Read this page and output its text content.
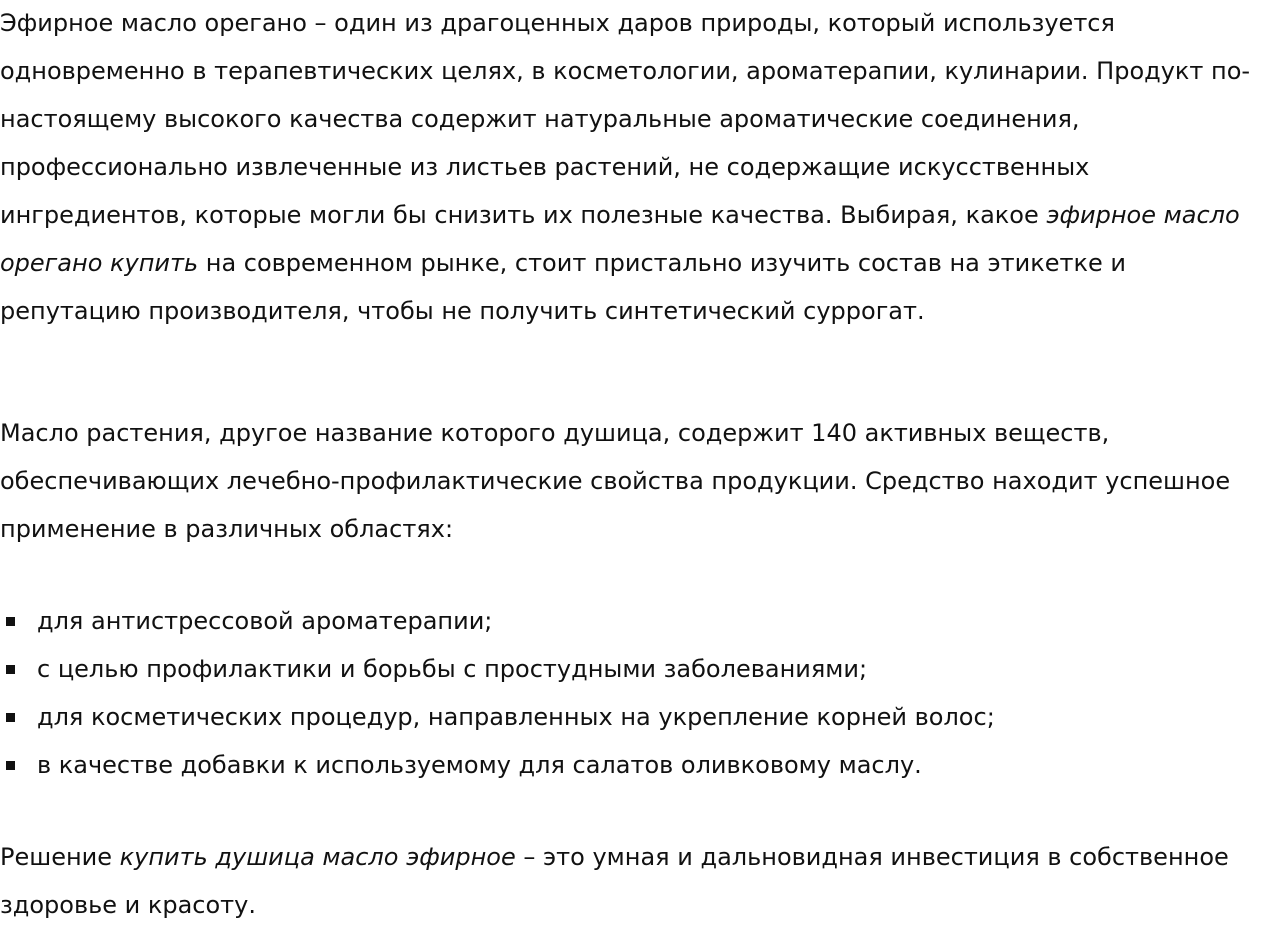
Эфирное масло орегано – один из драгоценных даров природы, который используется одновременно в терапевтических целях, в косметологии, ароматерапии, кулинарии. Продукт по-настоящему высокого качества содержит натуральные ароматические соединения, профессионально извлеченные из листьев растений, не содержащие искусственных ингредиентов, которые могли бы снизить их полезные качества. Выбирая, какое эфирное масло орегано купить на современном рынке, стоит пристально изучить состав на этикетке и репутацию производителя, чтобы не получить синтетический суррогат.

Масло растения, другое название которого душица, содержит 140 активных веществ, обеспечивающих лечебно-профилактические свойства продукции. Средство находит успешное применение в различных областях:

для антистрессовой ароматерапии;
с целью профилактики и борьбы с простудными заболеваниями;
для косметических процедур, направленных на укрепление корней волос;
в качестве добавки к используемому для салатов оливковому маслу.

Решение купить душица масло эфирное – это умная и дальновидная инвестиция в собственное здоровье и красоту.
